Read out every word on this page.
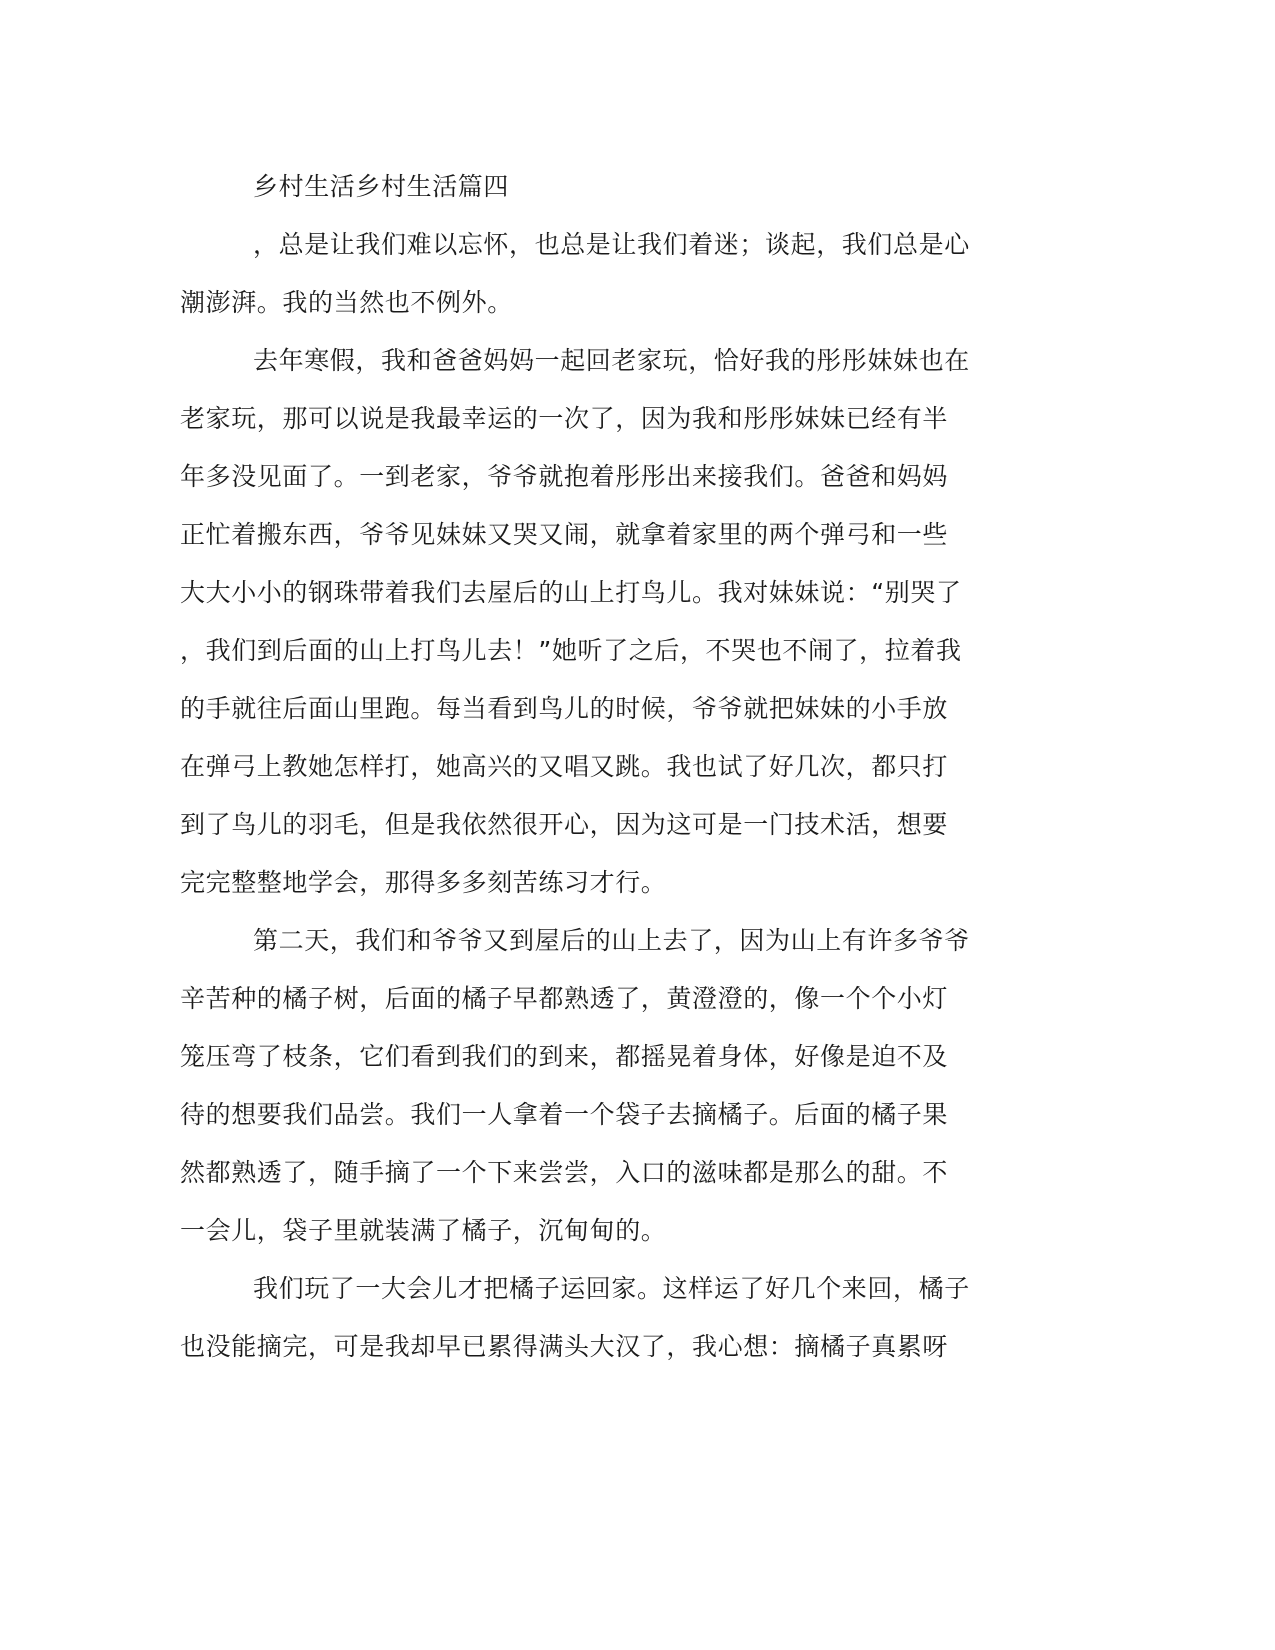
乡村生活乡村生活篇四
，总是让我们难以忘怀，也总是让我们着迷；谈起，我们总是心
潮澎湃。我的当然也不例外。
去年寒假，我和爸爸妈妈一起回老家玩，恰好我的彤彤妹妹也在
老家玩，那可以说是我最幸运的一次了，因为我和彤彤妹妹已经有半
年多没见面了。一到老家，爷爷就抱着彤彤出来接我们。爸爸和妈妈
正忙着搬东西，爷爷见妹妹又哭又闹，就拿着家里的两个弹弓和一些
大大小小的钢珠带着我们去屋后的山上打鸟儿。我对妹妹说：“别哭了
，我们到后面的山上打鸟儿去！”她听了之后，不哭也不闹了，拉着我
的手就往后面山里跑。每当看到鸟儿的时候，爷爷就把妹妹的小手放
在弹弓上教她怎样打，她高兴的又唱又跳。我也试了好几次，都只打
到了鸟儿的羽毛，但是我依然很开心，因为这可是一门技术活，想要
完完整整地学会，那得多多刻苦练习才行。
第二天，我们和爷爷又到屋后的山上去了，因为山上有许多爷爷
辛苦种的橘子树，后面的橘子早都熟透了，黄澄澄的，像一个个小灯
笼压弯了枝条，它们看到我们的到来，都摇晃着身体，好像是迫不及
待的想要我们品尝。我们一人拿着一个袋子去摘橘子。后面的橘子果
然都熟透了，随手摘了一个下来尝尝，入口的滋味都是那么的甜。不
一会儿，袋子里就装满了橘子，沉甸甸的。
我们玩了一大会儿才把橘子运回家。这样运了好几个来回，橘子
也没能摘完，可是我却早已累得满头大汉了，我心想：摘橘子真累呀
